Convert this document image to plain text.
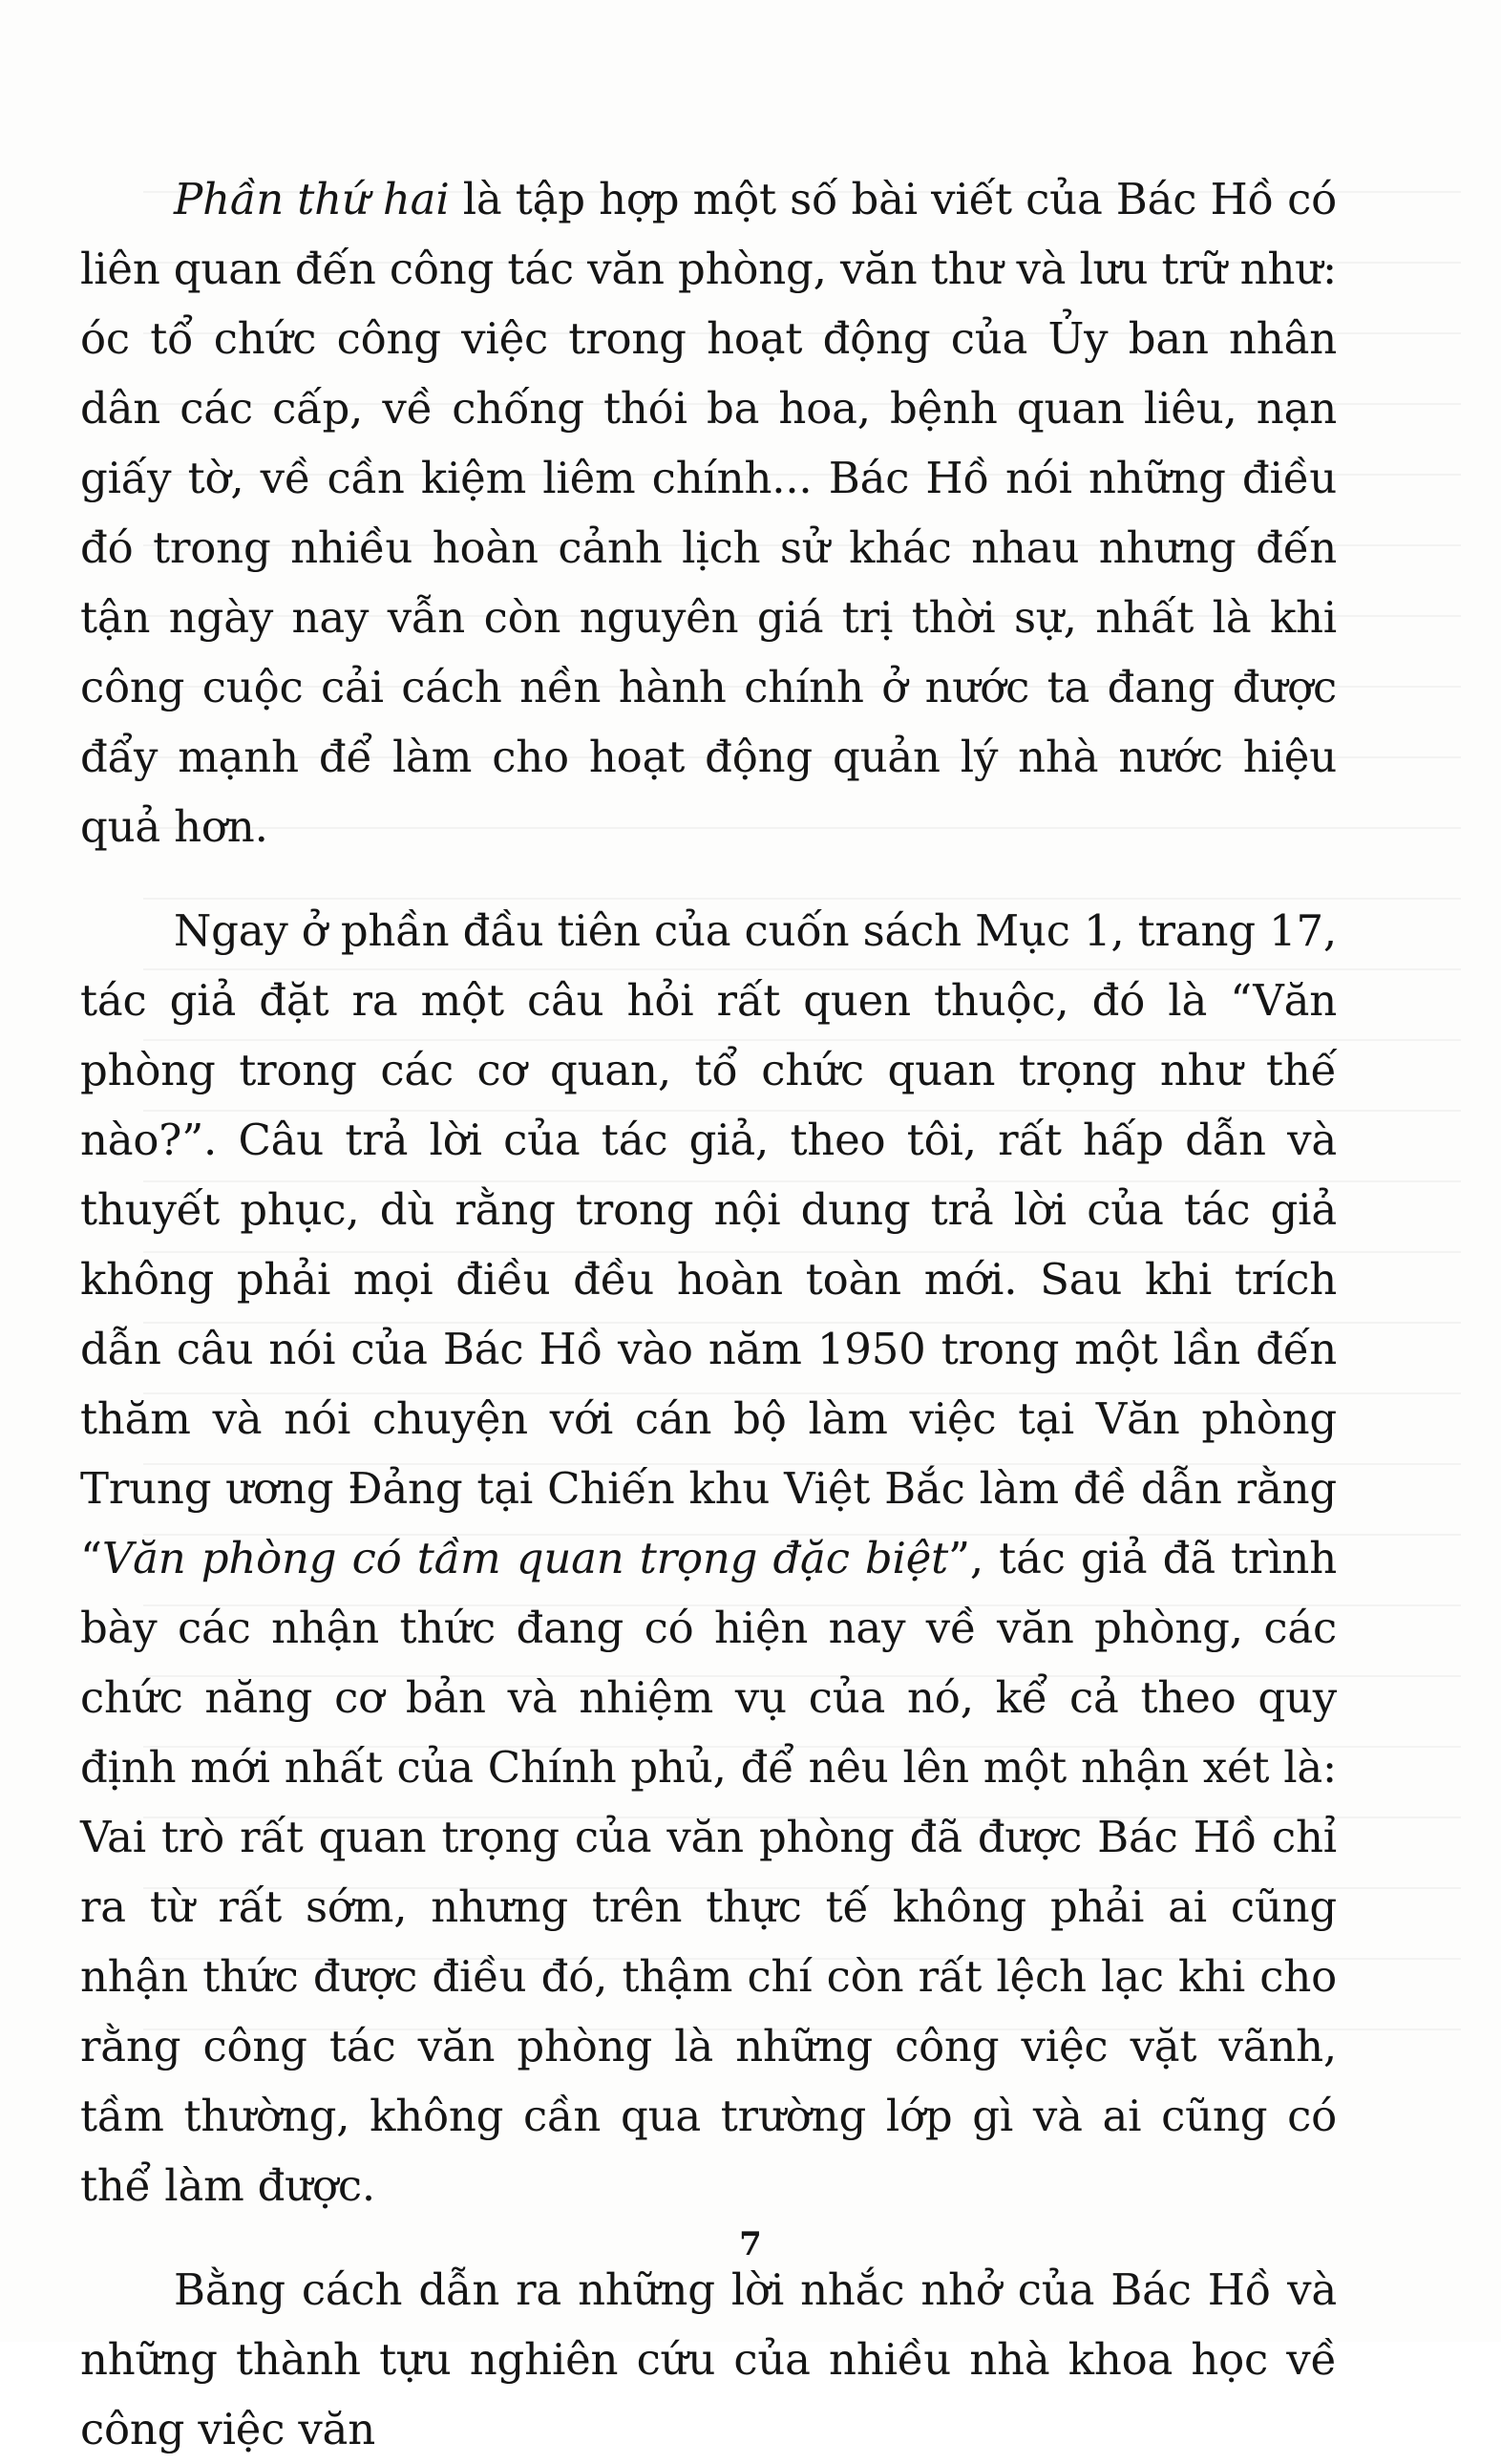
Phần thứ hai là tập hợp một số bài viết của Bác Hồ có liên quan đến công tác văn phòng, văn thư và lưu trữ như: óc tổ chức công việc trong hoạt động của Ủy ban nhân dân các cấp, về chống thói ba hoa, bệnh quan liêu, nạn giấy tờ, về cần kiệm liêm chính... Bác Hồ nói những điều đó trong nhiều hoàn cảnh lịch sử khác nhau nhưng đến tận ngày nay vẫn còn nguyên giá trị thời sự, nhất là khi công cuộc cải cách nền hành chính ở nước ta đang được đẩy mạnh để làm cho hoạt động quản lý nhà nước hiệu quả hơn.

Ngay ở phần đầu tiên của cuốn sách Mục 1, trang 17, tác giả đặt ra một câu hỏi rất quen thuộc, đó là “Văn phòng trong các cơ quan, tổ chức quan trọng như thế nào?”. Câu trả lời của tác giả, theo tôi, rất hấp dẫn và thuyết phục, dù rằng trong nội dung trả lời của tác giả không phải mọi điều đều hoàn toàn mới. Sau khi trích dẫn câu nói của Bác Hồ vào năm 1950 trong một lần đến thăm và nói chuyện với cán bộ làm việc tại Văn phòng Trung ương Đảng tại Chiến khu Việt Bắc làm đề dẫn rằng “Văn phòng có tầm quan trọng đặc biệt”, tác giả đã trình bày các nhận thức đang có hiện nay về văn phòng, các chức năng cơ bản và nhiệm vụ của nó, kể cả theo quy định mới nhất của Chính phủ, để nêu lên một nhận xét là: Vai trò rất quan trọng của văn phòng đã được Bác Hồ chỉ ra từ rất sớm, nhưng trên thực tế không phải ai cũng nhận thức được điều đó, thậm chí còn rất lệch lạc khi cho rằng công tác văn phòng là những công việc vặt vãnh, tầm thường, không cần qua trường lớp gì và ai cũng có thể làm được.

Bằng cách dẫn ra những lời nhắc nhở của Bác Hồ và những thành tựu nghiên cứu của nhiều nhà khoa học về công việc văn

7
